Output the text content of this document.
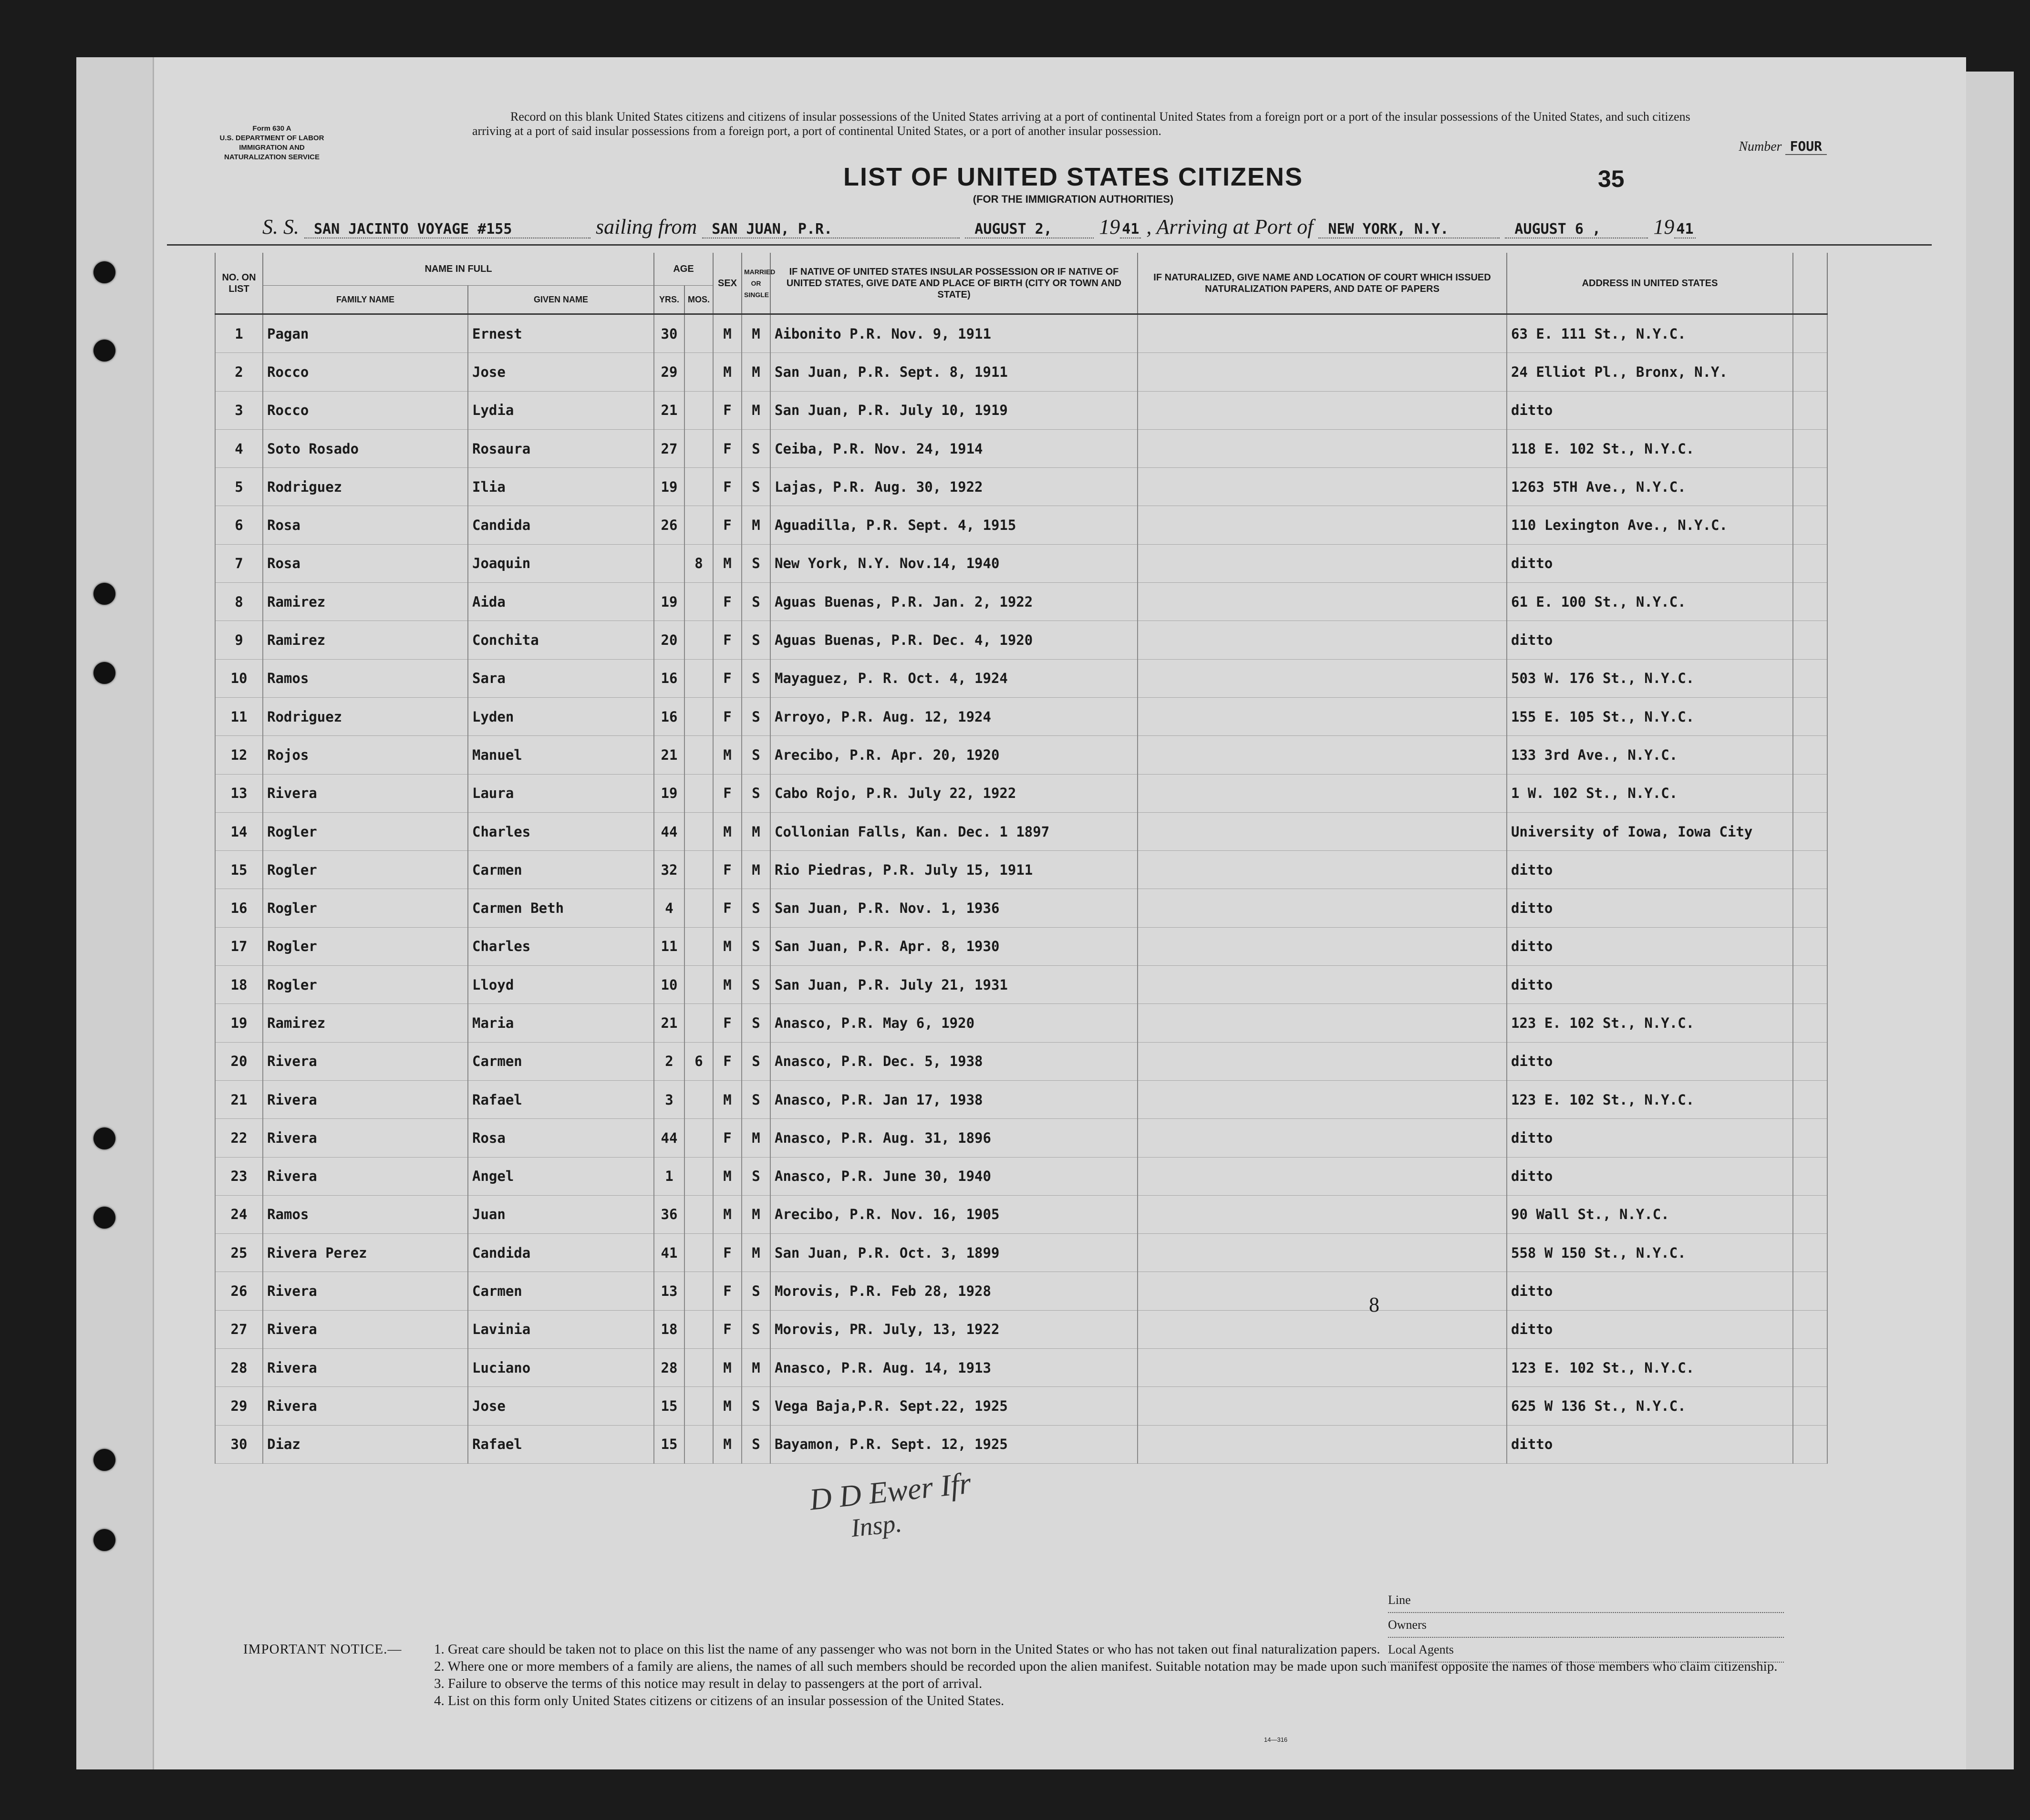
Form 630 A
U.S. DEPARTMENT OF LABOR
IMMIGRATION AND
NATURALIZATION SERVICE
Record on this blank United States citizens and citizens of insular possessions of the United States arriving at a port of continental United States from a foreign port or a port of the insular possessions of the United States, and such citizens arriving at a port of said insular possessions from a foreign port, a port of continental United States, or a port of another insular possession.
Number FOUR
LIST OF UNITED STATES CITIZENS
(FOR THE IMMIGRATION AUTHORITIES)
35
S. S. SAN JACINTO VOYAGE #155	sailing from SAN JUAN, P.R.	AUGUST 2, 19 41 , Arriving at Port of NEW YORK, N.Y.	AUGUST 6 ,	19 41
NO. ON LIST	NAME IN FULL		AGE		SEX	MARRIED OR SINGLE	IF NATIVE OF UNITED STATES INSULAR POSSESSION OR IF NATIVE OF UNITED STATES, GIVE DATE AND PLACE OF BIRTH (CITY OR TOWN AND STATE)	IF NATURALIZED, GIVE NAME AND LOCATION OF COURT WHICH ISSUED NATURALIZATION PAPERS, AND DATE OF PAPERS	ADDRESS IN UNITED STATES	
	FAMILY NAME	GIVEN NAME	YRS.	MOS.						
1	Pagan	Ernest	30		M	M	Aibonito P.R. Nov. 9, 1911		63 E. 111 St., N.Y.C.	
2	Rocco	Jose	29		M	M	San Juan, P.R. Sept. 8, 1911		24 Elliot Pl., Bronx, N.Y.	
3	Rocco	Lydia	21		F	M	San Juan, P.R. July 10, 1919		ditto	
4	Soto Rosado	Rosaura	27		F	S	Ceiba, P.R. Nov. 24, 1914		118 E. 102 St., N.Y.C.	
5	Rodriguez	Ilia	19		F	S	Lajas, P.R. Aug. 30, 1922		1263 5TH Ave., N.Y.C.	
6	Rosa	Candida	26		F	M	Aguadilla, P.R. Sept. 4, 1915		110 Lexington Ave., N.Y.C.	
7	Rosa	Joaquin		8	M	S	New York, N.Y. Nov.14, 1940		ditto	
8	Ramirez	Aida	19		F	S	Aguas Buenas, P.R. Jan. 2, 1922		61 E. 100 St., N.Y.C.	
9	Ramirez	Conchita	20		F	S	Aguas Buenas, P.R. Dec. 4, 1920		ditto	
10	Ramos	Sara	16		F	S	Mayaguez, P. R. Oct. 4, 1924		503 W. 176 St., N.Y.C.	
11	Rodriguez	Lyden	16		F	S	Arroyo, P.R. Aug. 12, 1924		155 E. 105 St., N.Y.C.	
12	Rojos	Manuel	21		M	S	Arecibo, P.R. Apr. 20, 1920		133 3rd Ave., N.Y.C.	
13	Rivera	Laura	19		F	S	Cabo Rojo, P.R. July 22, 1922		1 W. 102 St., N.Y.C.	
14	Rogler	Charles	44		M	M	Collonian Falls, Kan. Dec. 1 1897		University of Iowa, Iowa City	
15	Rogler	Carmen	32		F	M	Rio Piedras, P.R. July 15, 1911		ditto	
16	Rogler	Carmen Beth	4		F	S	San Juan, P.R. Nov. 1, 1936		ditto	
17	Rogler	Charles	11		M	S	San Juan, P.R. Apr. 8, 1930		ditto	
18	Rogler	Lloyd	10		M	S	San Juan, P.R. July 21, 1931		ditto	
19	Ramirez	Maria	21		F	S	Anasco, P.R. May 6, 1920		123 E. 102 St., N.Y.C.	
20	Rivera	Carmen	2	6	F	S	Anasco, P.R. Dec. 5, 1938		ditto	
21	Rivera	Rafael	3		M	S	Anasco, P.R. Jan 17, 1938		123 E. 102 St., N.Y.C.	
22	Rivera	Rosa	44		F	M	Anasco, P.R. Aug. 31, 1896		ditto	
23	Rivera	Angel	1		M	S	Anasco, P.R. June 30, 1940		ditto	
24	Ramos	Juan	36		M	M	Arecibo, P.R. Nov. 16, 1905		90 Wall St., N.Y.C.	
25	Rivera Perez	Candida	41		F	M	San Juan, P.R. Oct. 3, 1899		558 W 150 St., N.Y.C.	
26	Rivera	Carmen	13		F	S	Morovis, P.R. Feb 28, 1928		ditto	
27	Rivera	Lavinia	18		F	S	Morovis, PR. July, 13, 1922		ditto	
28	Rivera	Luciano	28		M	M	Anasco, P.R. Aug. 14, 1913		123 E. 102 St., N.Y.C.	
29	Rivera	Jose	15		M	S	Vega Baja,P.R. Sept.22, 1925		625 W 136 St., N.Y.C.	
30	Diaz	Rafael	15		M	S	Bayamon, P.R. Sept. 12, 1925		ditto	
D D Ewer Ifr
Insp.
8
Line
Owners
Local Agents
IMPORTANT NOTICE.— 1. Great care should be taken not to place on this list the name of any passenger who was not born in the United States or who has not taken out final naturalization papers.
2. Where one or more members of a family are aliens, the names of all such members should be recorded upon the alien manifest. Suitable notation may be made upon such manifest opposite the names of those members who claim citizenship.
3. Failure to observe the terms of this notice may result in delay to passengers at the port of arrival.
4. List on this form only United States citizens or citizens of an insular possession of the United States.
14—316
